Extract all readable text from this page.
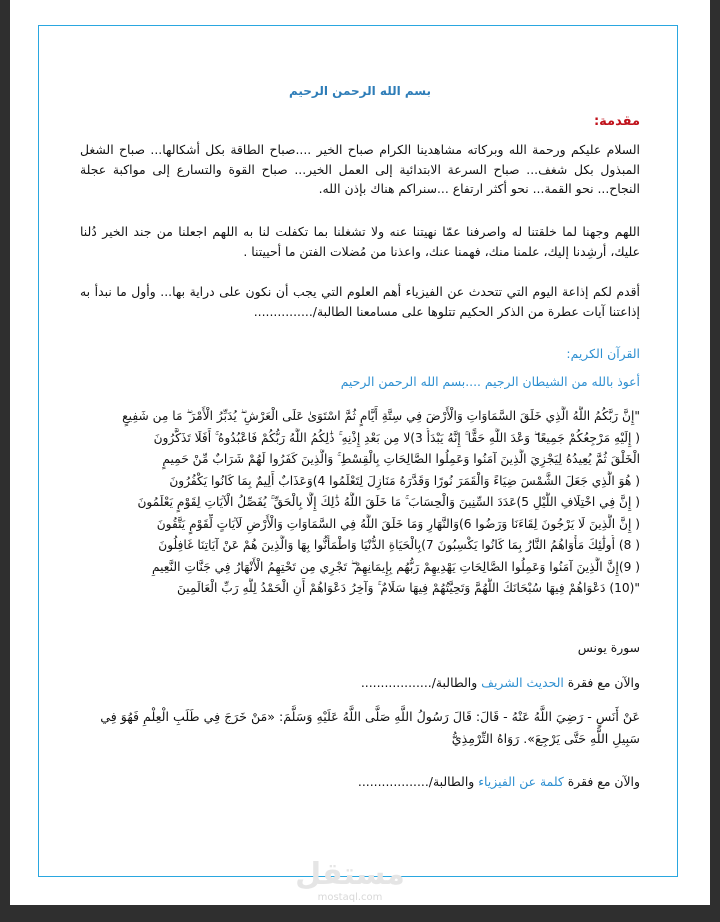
بسم الله الرحمن الرحيم
مقدمة:
السلام عليكم ورحمة الله وبركاته مشاهدينا الكرام صباح الخير ....صباح الطاقة بكل أشكالها... صباح الشغل المبذول بكل شغف... صباح السرعة الابتدائية إلى العمل الخير... صباح القوة والتسارع إلى مواكبة عجلة النجاح... نحو القمة... نحو أكثر ارتفاع ...سنراكم هناك بإذن الله.
اللهم وجهنا لما خلقتنا له واصرفنا عمّا نهيتنا عنه ولا تشغلنا بما تكفلت لنا به اللهم اجعلنا من جند الخير دُلنا عليك، أرشِدنا إليك، علمنا منك، فهمنا عنك، واعذنا من مُضلات الفتن ما أحييتنا .
أقدم لكم إذاعة اليوم التي تتحدث عن الفيزياء أهم العلوم التي يجب أن نكون على دراية بها... وأول ما نبدأ به إذاعتنا آيات عطرة من الذكر الحكيم تتلوها على مسامعنا الطالبة/...............
القرآن الكريم:
أعوذ بالله من الشيطان الرجيم ....بسم الله الرحمن الرحيم
"إِنَّ رَبَّكُمُ اللَّهُ الَّذِي خَلَقَ السَّمَاوَاتِ وَالْأَرْضَ فِي سِتَّةِ أَيَّامٍ ثُمَّ اسْتَوَىٰ عَلَى الْعَرْشِ ۖ يُدَبِّرُ الْأَمْرَ ۖ مَا مِن شَفِيعٍ
( إِلَيْهِ مَرْجِعُكُمْ جَمِيعًا ۖ وَعْدَ اللَّهِ حَقًّا ۚ إِنَّهُ يَبْدَأُ 3)لا مِن بَعْدِ إِذْنِهِ ۚ ذَٰلِكُمُ اللَّهُ رَبُّكُمْ فَاعْبُدُوهُ ۚ أَفَلَا تَذَكَّرُونَ
الْخَلْقَ ثُمَّ يُعِيدُهُ لِيَجْزِيَ الَّذِينَ آمَنُوا وَعَمِلُوا الصَّالِحَاتِ بِالْقِسْطِ ۚ وَالَّذِينَ كَفَرُوا لَهُمْ شَرَابٌ مِّنْ حَمِيمٍ
( هُوَ الَّذِي جَعَلَ الشَّمْسَ ضِيَاءً وَالْقَمَرَ نُورًا وَقَدَّرَهُ مَنَازِلَ لِتَعْلَمُوا 4)وَعَذَابٌ أَلِيمٌ بِمَا كَانُوا يَكْفُرُونَ
( إِنَّ فِي اخْتِلَافِ اللَّيْلِ 5)عَدَدَ السِّنِينَ وَالْحِسَابَ ۚ مَا خَلَقَ اللَّهُ ذَٰلِكَ إِلَّا بِالْحَقِّ ۚ يُفَصِّلُ الْآيَاتِ لِقَوْمٍ يَعْلَمُونَ
( إِنَّ الَّذِينَ لَا يَرْجُونَ لِقَاءَنَا وَرَضُوا 6)وَالنَّهَارِ وَمَا خَلَقَ اللَّهُ فِي السَّمَاوَاتِ وَالْأَرْضِ لَآيَاتٍ لِّقَوْمٍ يَتَّقُونَ
( 8) أُولَٰئِكَ مَأْوَاهُمُ النَّارُ بِمَا كَانُوا يَكْسِبُونَ 7)بِالْحَيَاةِ الدُّنْيَا وَاطْمَأَنُّوا بِهَا وَالَّذِينَ هُمْ عَنْ آيَاتِنَا غَافِلُونَ
( 9)إِنَّ الَّذِينَ آمَنُوا وَعَمِلُوا الصَّالِحَاتِ يَهْدِيهِمْ رَبُّهُم بِإِيمَانِهِمْ ۖ تَجْرِي مِن تَحْتِهِمُ الْأَنْهَارُ فِي جَنَّاتِ النَّعِيمِ
"(10) دَعْوَاهُمْ فِيهَا سُبْحَانَكَ اللَّهُمَّ وَتَحِيَّتُهُمْ فِيهَا سَلَامٌ ۚ وَآخِرُ دَعْوَاهُمْ أَنِ الْحَمْدُ لِلَّهِ رَبِّ الْعَالَمِينَ
سورة يونس
والآن مع فقرة الحديث الشريف والطالبة/..................
عَنْ أَنَسٍ - رَضِيَ اللَّهُ عَنْهُ - قَالَ: قَالَ رَسُولُ اللَّهِ صَلَّى اللَّهُ عَلَيْهِ وَسَلَّمَ: «مَنْ خَرَجَ فِي طَلَبِ الْعِلْمِ فَهُوَ فِي سَبِيلِ اللَّهِ حَتَّى يَرْجِعَ». رَوَاهُ التِّرْمِذِيُّ
والآن مع فقرة كلمة عن الفيزياء والطالبة/..................
مستقل
mostaql.com
